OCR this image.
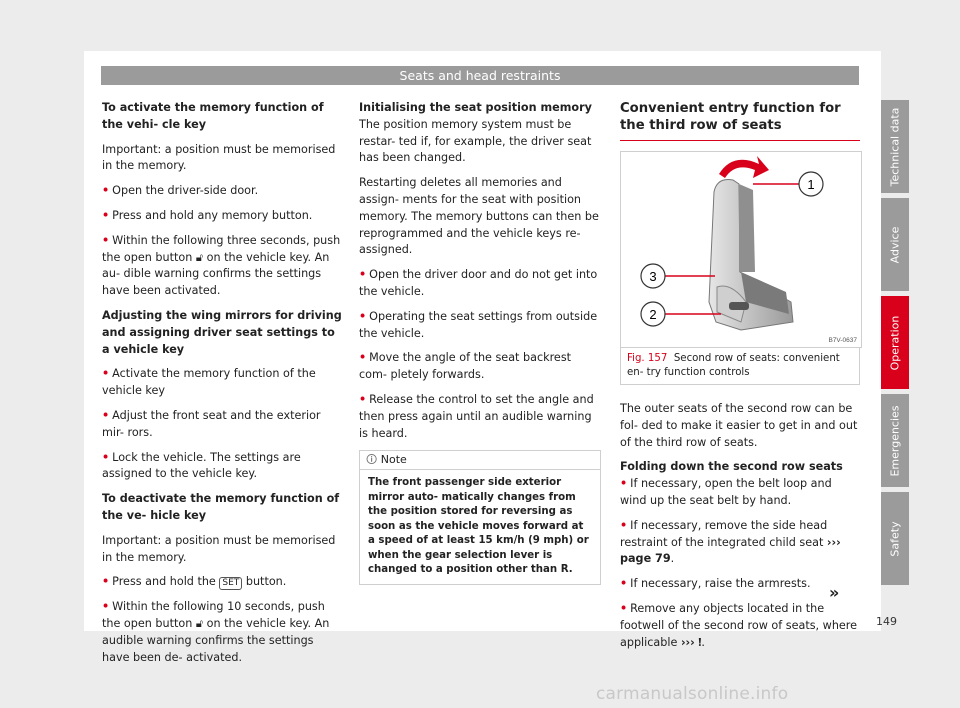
Seats and head restraints

To activate the memory function of the vehi- cle key

Important: a position must be memorised in the memory.

• Open the driver-side door.

• Press and hold any memory button.

• Within the following three seconds, push the open button 🔓︎ on the vehicle key. An au- dible warning confirms the settings have been activated.

Adjusting the wing mirrors for driving and assigning driver seat settings to a vehicle key

• Activate the memory function of the vehicle key

• Adjust the front seat and the exterior mir- rors.

• Lock the vehicle. The settings are assigned to the vehicle key.

To deactivate the memory function of the ve- hicle key

Important: a position must be memorised in the memory.

• Press and hold the SET button.

• Within the following 10 seconds, push the open button 🔓︎ on the vehicle key. An audible warning confirms the settings have been de- activated.

Initialising the seat position memory

The position memory system must be restar- ted if, for example, the driver seat has been changed.

Restarting deletes all memories and assign- ments for the seat with position memory. The memory buttons can then be reprogrammed and the vehicle keys re-assigned.

• Open the driver door and do not get into the vehicle.

• Operating the seat settings from outside the vehicle.

• Move the angle of the seat backrest com- pletely forwards.

• Release the control to set the angle and then press again until an audible warning is heard.

🛈︎ Note
The front passenger side exterior mirror auto- matically changes from the position stored for reversing as soon as the vehicle moves forward at a speed of at least 15 km/h (9 mph) or when the gear selection lever is changed to a position other than R.

Convenient entry function for the third row of seats

1
3
2
B7V-0637
Fig. 157 Second row of seats: convenient en- try function controls

The outer seats of the second row can be fol- ded to make it easier to get in and out of the third row of seats.

Folding down the second row seats

• If necessary, open the belt loop and wind up the seat belt by hand.

• If necessary, remove the side head restraint of the integrated child seat ››› page 79.

• If necessary, raise the armrests.

• Remove any objects located in the footwell of the second row of seats, where applicable ››› ❗︎.

»
Technical data
Advice
Operation
Emergencies
Safety
149
carmanualsonline.info
